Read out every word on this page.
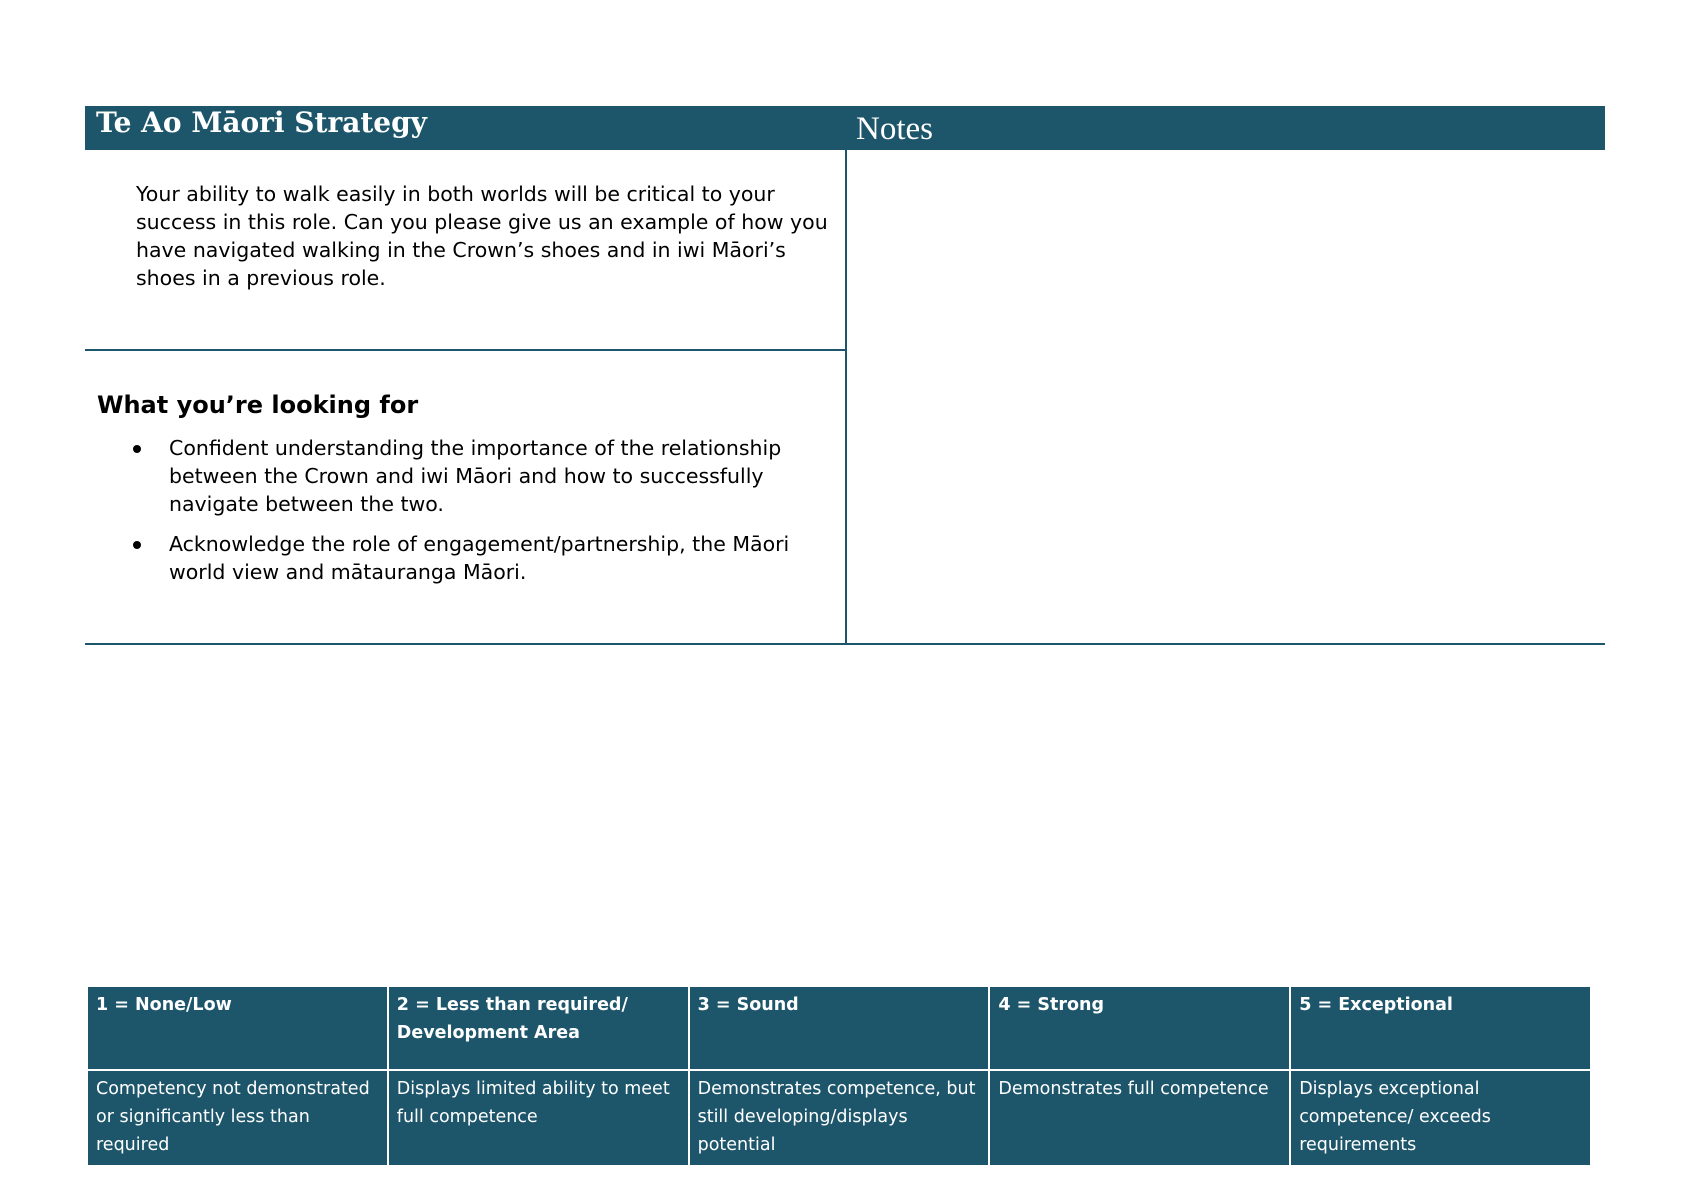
Te Ao Māori Strategy	Notes
Your ability to walk easily in both worlds will be critical to your success in this role. Can you please give us an example of how you have navigated walking in the Crown’s shoes and in iwi Māori’s shoes in a previous role.
What you’re looking for
Confident understanding the importance of the relationship between the Crown and iwi Māori and how to successfully navigate between the two.
Acknowledge the role of engagement/partnership, the Māori world view and mātauranga Māori.
1 = None/Low	2 = Less than required/ Development Area	3 = Sound	4 = Strong	5 = Exceptional
Competency not demonstrated or significantly less than required	Displays limited ability to meet full competence	Demonstrates competence, but still developing/displays potential	Demonstrates full competence	Displays exceptional competence/ exceeds requirements
